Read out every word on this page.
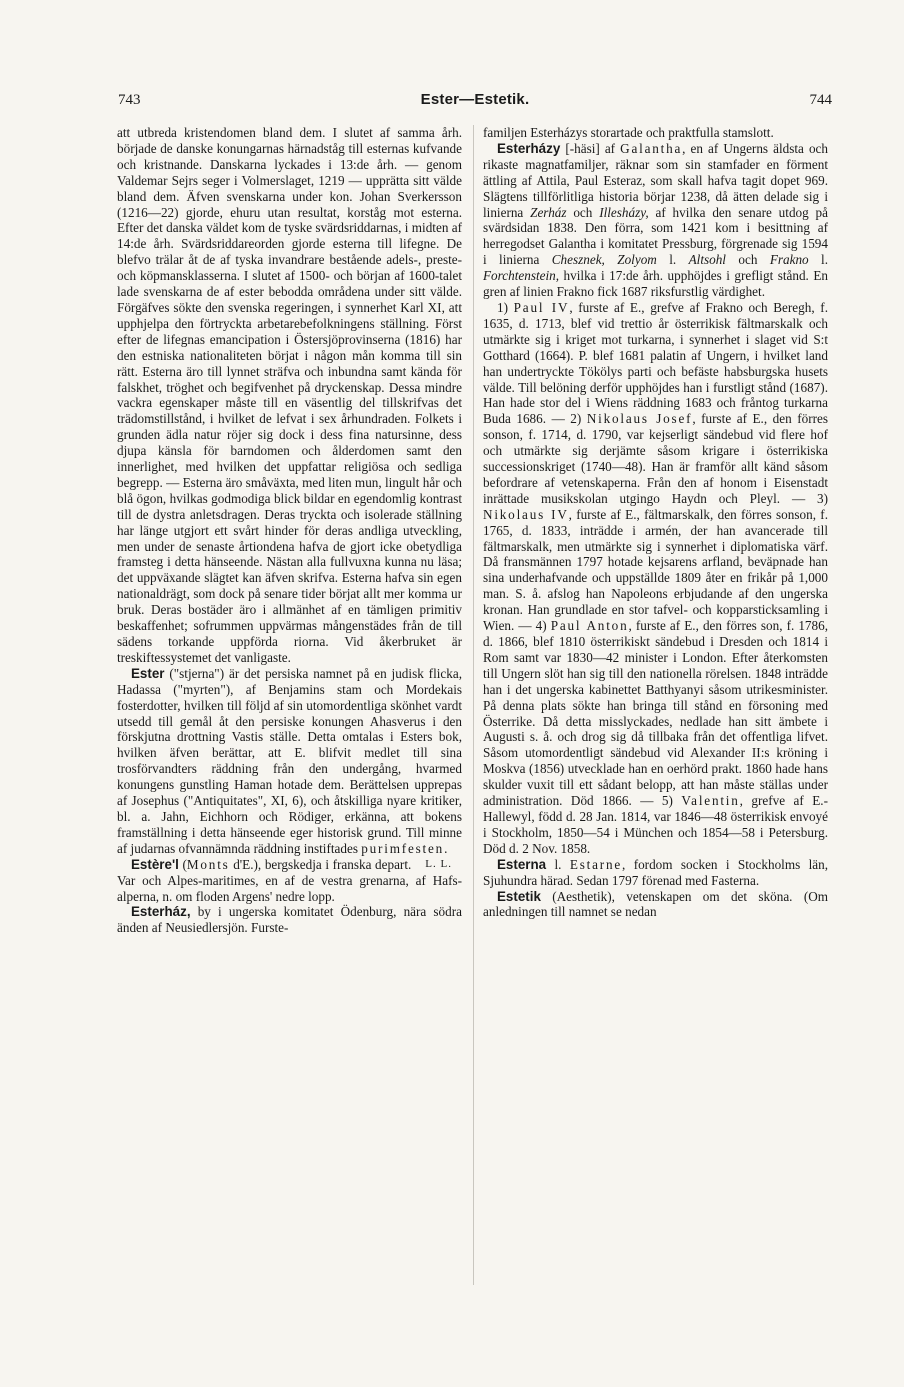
743	Ester—Estetik.	744

att utbreda kristendomen bland dem. I slutet af samma årh. började de danske konungarnas härnadståg till esternas kufvande och kristnande. Danskarna lyckades i 13:de årh. — genom Valdemar Sejrs seger i Volmerslaget, 1219 — upprätta sitt välde bland dem. Äfven svenskarna under kon. Johan Sverkersson (1216—22) gjorde, ehuru utan resultat, korståg mot esterna. Efter det danska väldet kom de tyske svärdsriddarnas, i midten af 14:de årh. Svärdsriddareorden gjorde esterna till lifegne. De blefvo trälar åt de af tyska invandrare bestående adels-, preste- och köpmansklasserna. I slutet af 1500- och början af 1600-talet lade svenskarna de af ester bebodda områdena under sitt välde. Förgäfves sökte den svenska regeringen, i synnerhet Karl XI, att upphjelpa den förtryckta arbetarebefolkningens ställning. Först efter de lifegnas emancipation i Östersjöprovinserna (1816) har den estniska nationaliteten börjat i någon mån komma till sin rätt. Esterna äro till lynnet sträfva och inbundna samt kända för falskhet, tröghet och begifvenhet på dryckenskap. Dessa mindre vackra egenskaper måste till en väsentlig del tillskrifvas det trädomstillstånd, i hvilket de lefvat i sex århundraden. Folkets i grunden ädla natur röjer sig dock i dess fina natursinne, dess djupa känsla för barndomen och ålderdomen samt den innerlighet, med hvilken det uppfattar religiösa och sedliga begrepp. — Esterna äro småväxta, med liten mun, lingult hår och blå ögon, hvilkas godmodiga blick bildar en egendomlig kontrast till de dystra anletsdragen. Deras tryckta och isolerade ställning har länge utgjort ett svårt hinder för deras andliga utveckling, men under de senaste årtiondena hafva de gjort icke obetydliga framsteg i detta hänseende. Nästan alla fullvuxna kunna nu läsa; det uppväxande slägtet kan äfven skrifva. Esterna hafva sin egen nationaldrägt, som dock på senare tider börjat allt mer komma ur bruk. Deras bostäder äro i allmänhet af en tämligen primitiv beskaffenhet; sofrummen uppvärmas mångenstädes från de till sädens torkande uppförda riorna. Vid åkerbruket är treskiftessystemet det vanligaste.

Ester ("stjerna") är det persiska namnet på en judisk flicka, Hadassa ("myrten"), af Benjamins stam och Mordekais fosterdotter, hvilken till följd af sin utomordentliga skönhet vardt utsedd till gemål åt den persiske konungen Ahasverus i den förskjutna drottning Vastis ställe. Detta omtalas i Esters bok, hvilken äfven berättar, att E. blifvit medlet till sina trosförvandters räddning från den undergång, hvarmed konungens gunstling Haman hotade dem. Berättelsen upprepas af Josephus ("Antiquitates", XI, 6), och åtskilliga nyare kritiker, bl. a. Jahn, Eichhorn och Rödiger, erkänna, att bokens framställning i detta hänseende eger historisk grund. Till minne af judarnas ofvannämnda räddning instiftades purimfesten.
L. L.

Estère'l (Monts d'E.), bergskedja i franska depart. Var och Alpes-maritimes, en af de vestra grenarna, af Hafs-alperna, n. om floden Argens' nedre lopp.

Esterház, by i ungerska komitatet Ödenburg, nära södra änden af Neusiedlersjön. Furste-

familjen Esterházys storartade och praktfulla stamslott.

Esterházy [-häsi] af Galantha, en af Ungerns äldsta och rikaste magnatfamiljer, räknar som sin stamfader en förment ättling af Attila, Paul Esteraz, som skall hafva tagit dopet 969. Slägtens tillförlitliga historia börjar 1238, då ätten delade sig i linierna Zerház och Illesházy, af hvilka den senare utdog på svärdsidan 1838. Den förra, som 1421 kom i besittning af herregodset Galantha i komitatet Pressburg, förgrenade sig 1594 i linierna Chesznek, Zolyom l. Altsohl och Frakno l. Forchtenstein, hvilka i 17:de årh. upphöjdes i grefligt stånd. En gren af linien Frakno fick 1687 riksfurstlig värdighet.

1) Paul IV, furste af E., grefve af Frakno och Beregh, f. 1635, d. 1713, blef vid trettio år österrikisk fältmarskalk och utmärkte sig i kriget mot turkarna, i synnerhet i slaget vid S:t Gotthard (1664). P. blef 1681 palatin af Ungern, i hvilket land han undertryckte Tökölys parti och befäste habsburgska husets välde. Till belöning derför upphöjdes han i furstligt stånd (1687). Han hade stor del i Wiens räddning 1683 och fråntog turkarna Buda 1686. — 2) Nikolaus Josef, furste af E., den förres sonson, f. 1714, d. 1790, var kejserligt sändebud vid flere hof och utmärkte sig derjämte såsom krigare i österrikiska successionskriget (1740—48). Han är framför allt känd såsom befordrare af vetenskaperna. Från den af honom i Eisenstadt inrättade musikskolan utgingo Haydn och Pleyl. — 3) Nikolaus IV, furste af E., fältmarskalk, den förres sonson, f. 1765, d. 1833, inträdde i armén, der han avancerade till fältmarskalk, men utmärkte sig i synnerhet i diplomatiska värf. Då fransmännen 1797 hotade kejsarens arfland, beväpnade han sina underhafvande och uppställde 1809 åter en frikår på 1,000 man. S. å. afslog han Napoleons erbjudande af den ungerska kronan. Han grundlade en stor tafvel- och kopparsticksamling i Wien. — 4) Paul Anton, furste af E., den förres son, f. 1786, d. 1866, blef 1810 österrikiskt sändebud i Dresden och 1814 i Rom samt var 1830—42 minister i London. Efter återkomsten till Ungern slöt han sig till den nationella rörelsen. 1848 inträdde han i det ungerska kabinettet Batthyanyi såsom utrikesminister. På denna plats sökte han bringa till stånd en försoning med Österrike. Då detta misslyckades, nedlade han sitt ämbete i Augusti s. å. och drog sig då tillbaka från det offentliga lifvet. Såsom utomordentligt sändebud vid Alexander II:s kröning i Moskva (1856) utvecklade han en oerhörd prakt. 1860 hade hans skulder vuxit till ett sådant belopp, att han måste ställas under administration. Död 1866. — 5) Valentin, grefve af E.-Hallewyl, född d. 28 Jan. 1814, var 1846—48 österrikisk envoyé i Stockholm, 1850—54 i München och 1854—58 i Petersburg. Död d. 2 Nov. 1858.

Esterna l. Estarne, fordom socken i Stockholms län, Sjuhundra härad. Sedan 1797 förenad med Fasterna.

Estetik (Aesthetik), vetenskapen om det sköna. (Om anledningen till namnet se nedan
